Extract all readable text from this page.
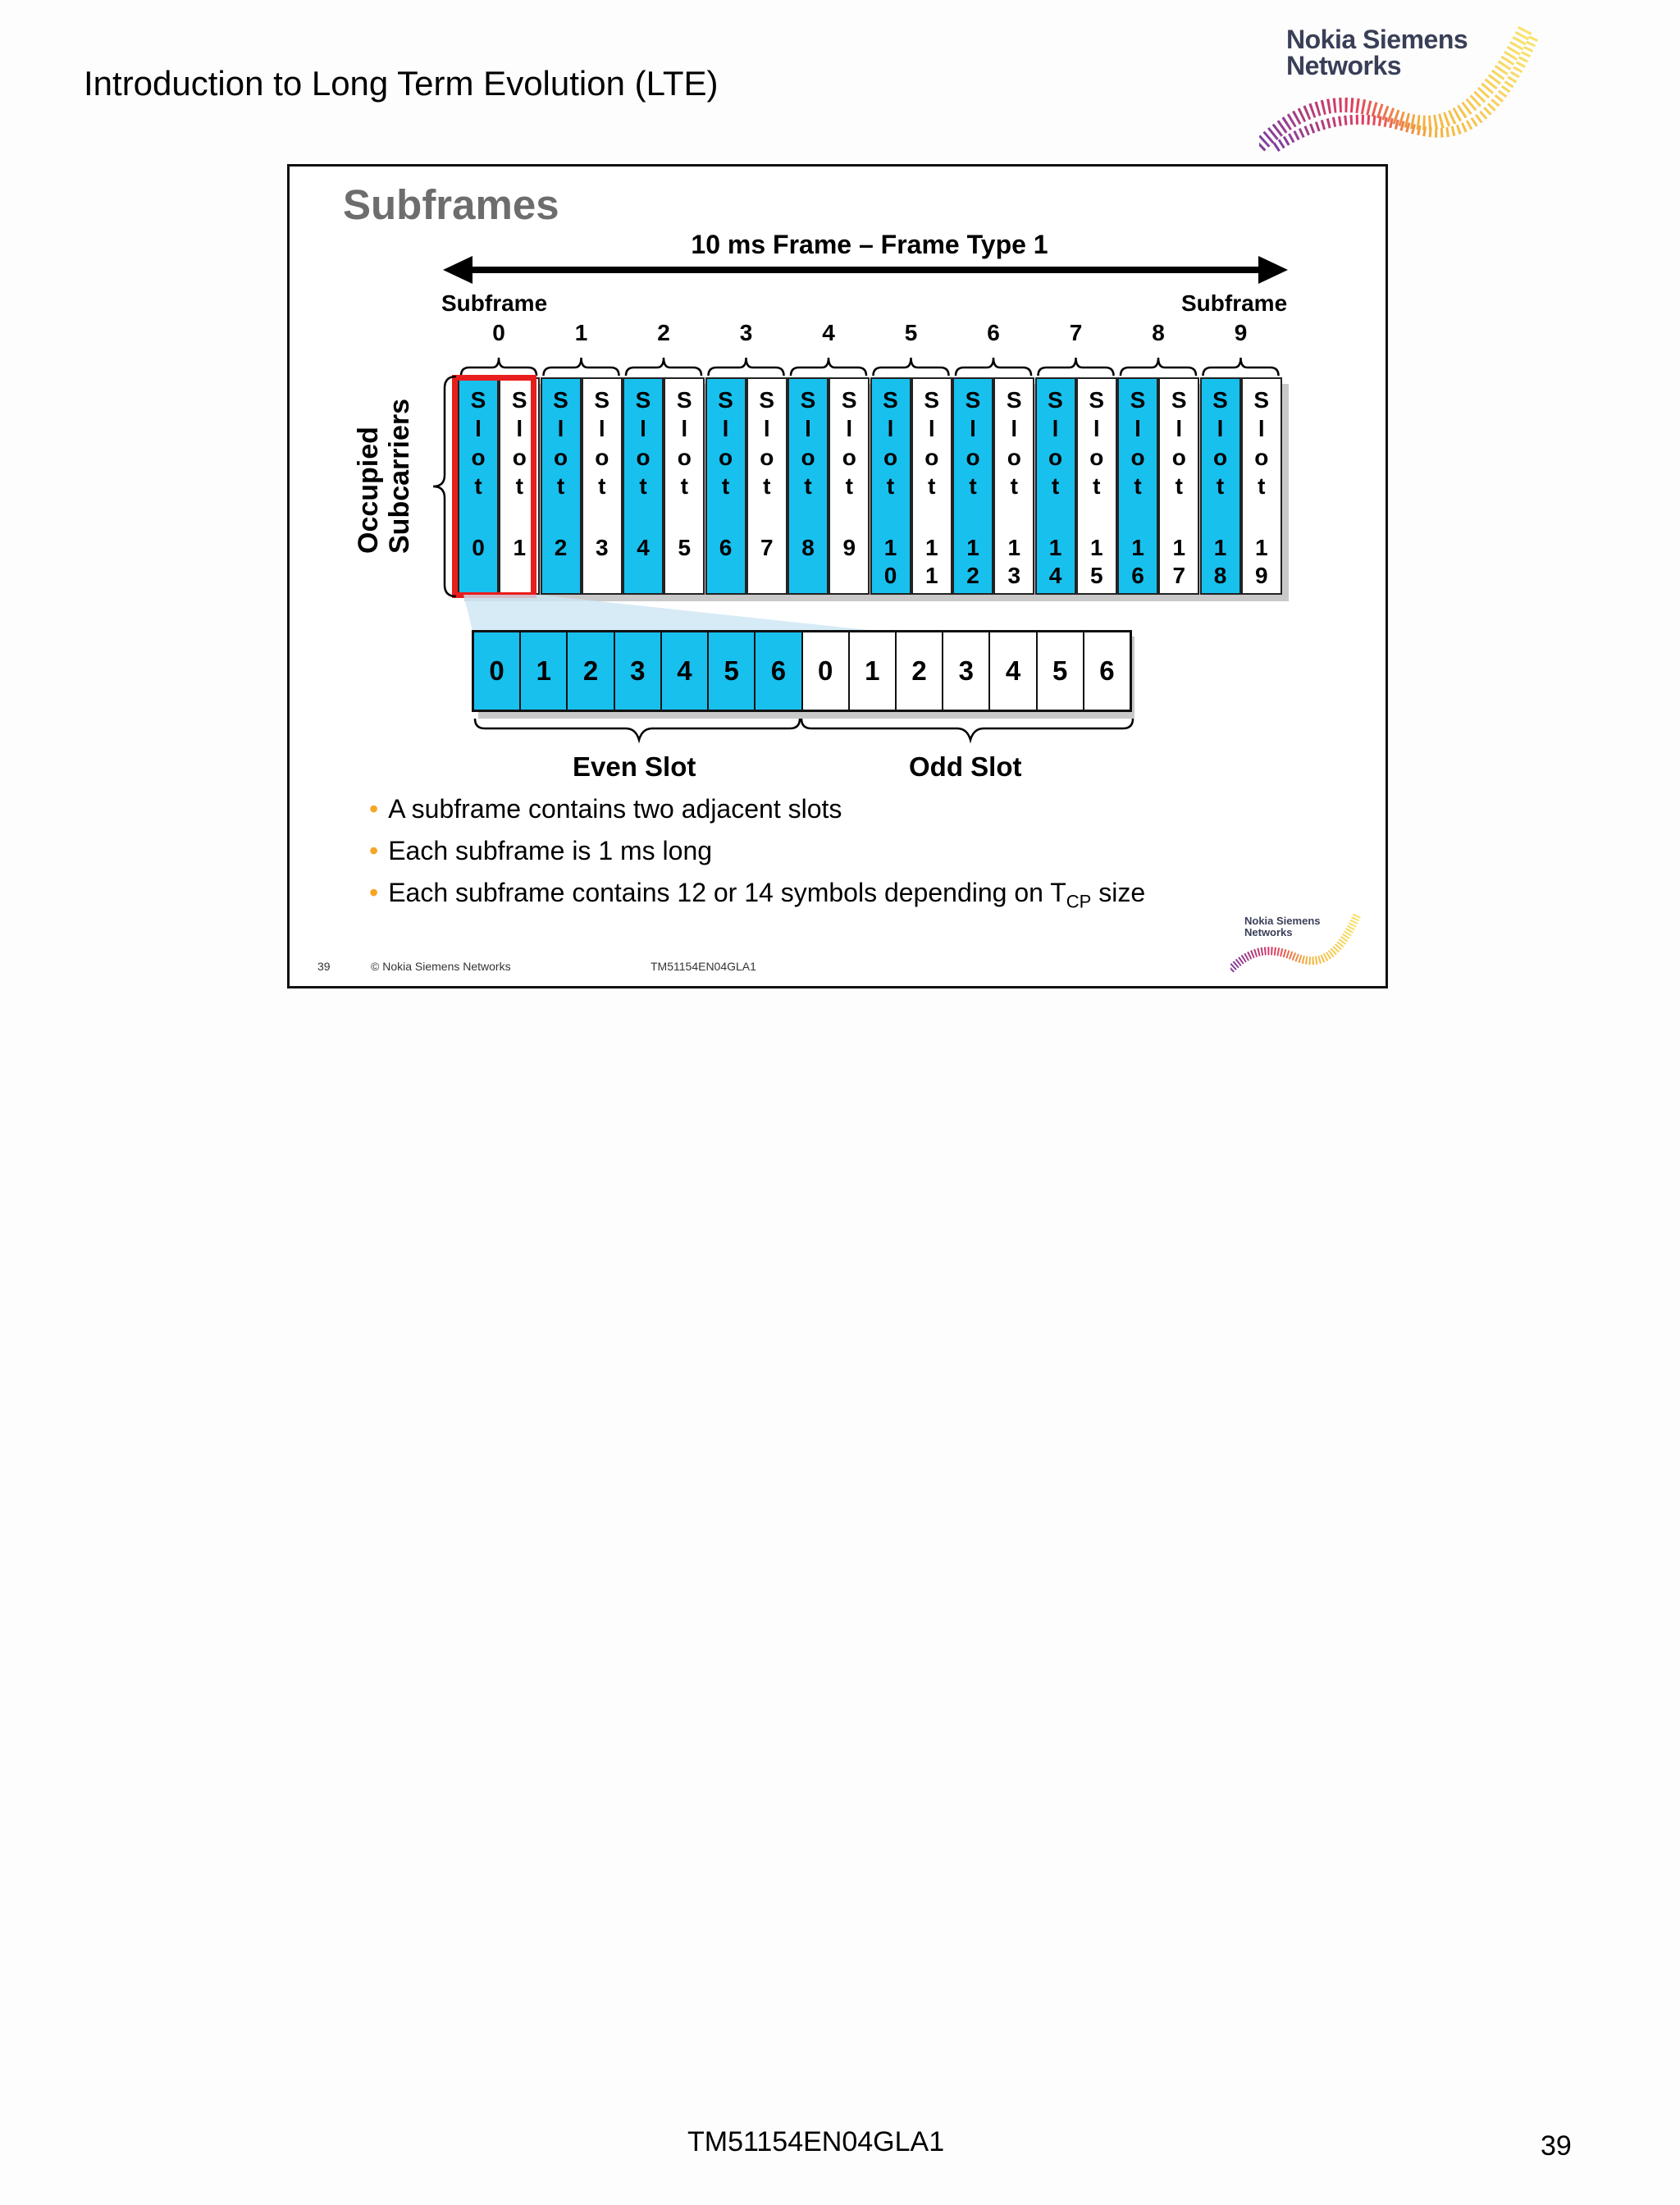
Introduction to Long Term Evolution (LTE)
Nokia Siemens
Networks
Subframes
10 ms Frame – Frame Type 1
Subframe	Subframe
0	1	2	3	4	5	6	7	8	9
S
l
o
t
0
S
l
o
t
1
S
l
o
t
2
S
l
o
t
3
S
l
o
t
4
S
l
o
t
5
S
l
o
t
6
S
l
o
t
7
S
l
o
t
8
S
l
o
t
9
S
l
o
t
1
0
S
l
o
t
1
1
S
l
o
t
1
2
S
l
o
t
1
3
S
l
o
t
1
4
S
l
o
t
1
5
S
l
o
t
1
6
S
l
o
t
1
7
S
l
o
t
1
8
S
l
o
t
1
9
Occupied Subcarriers
0	1	2	3	4	5	6	0	1	2	3	4	5	6
Even Slot	Odd Slot
• A subframe contains two adjacent slots
• Each subframe is 1 ms long
• Each subframe contains 12 or 14 symbols depending on $T_{CP}$ size
39	© Nokia Siemens Networks	TM51154EN04GLA1
Nokia Siemens
Networks
TM51154EN04GLA1	39
